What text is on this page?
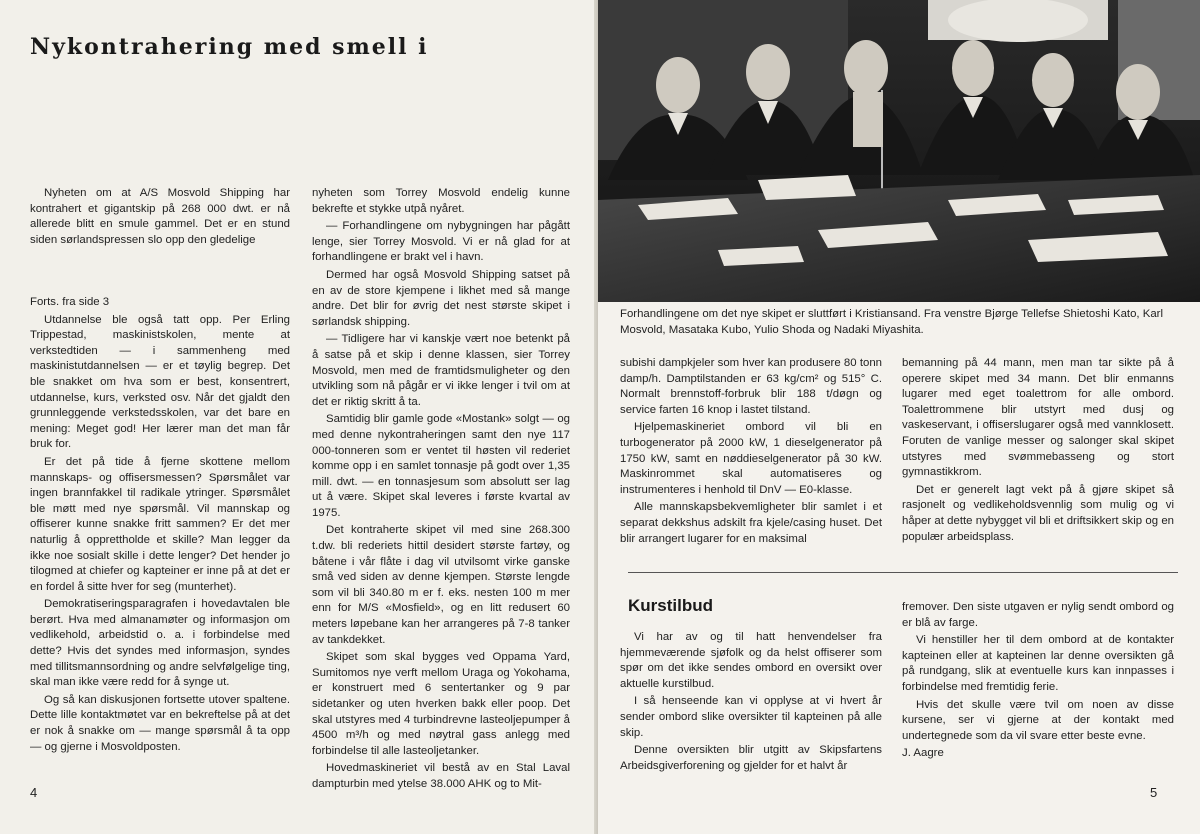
Nykontrahering med smell i

Nyheten om at A/S Mosvold Shipping har kontrahert et gigantskip på 268 000 dwt. er nå allerede blitt en smule gammel. Det er en stund siden sørlandspressen slo opp den gledelige

Forts. fra side 3

Utdannelse ble også tatt opp. Per Erling Trippestad, maskinistskolen, mente at verkstedtiden — i sammenheng med maskinistutdannelsen — er et tøylig begrep. Det ble snakket om hva som er best, konsentrert, utdannelse, kurs, verksted osv. Når det gjaldt den grunnleggende verkstedsskolen, var det bare en mening: Meget god! Her lærer man det man får bruk for.

Er det på tide å fjerne skottene mellom mannskaps- og offisersmessen? Spørsmålet var ingen brannfakkel til radikale ytringer. Spørsmålet ble møtt med nye spørsmål. Vil mannskap og offiserer kunne snakke fritt sammen? Er det mer naturlig å opprettholde et skille? Man legger da ikke noe sosialt skille i dette lenger? Det hender jo tilogmed at chiefer og kapteiner er inne på at det er en fordel å sitte hver for seg (munterhet).

Demokratiseringsparagrafen i hovedavtalen ble berørt. Hva med almanamøter og informasjon om vedlikehold, arbeidstid o. a. i forbindelse med dette? Hvis det syndes med informasjon, syndes med tillitsmannsordning og andre selvfølgelige ting, skal man ikke være redd for å synge ut.

Og så kan diskusjonen fortsette utover spaltene. Dette lille kontaktmøtet var en bekreftelse på at det er nok å snakke om — mange spørsmål å ta opp — og gjerne i Mosvoldposten.

nyheten som Torrey Mosvold endelig kunne bekrefte et stykke utpå nyåret.

— Forhandlingene om nybygningen har pågått lenge, sier Torrey Mosvold. Vi er nå glad for at forhandlingene er brakt vel i havn.

Dermed har også Mosvold Shipping satset på en av de store kjempene i likhet med så mange andre. Det blir for øvrig det nest største skipet i sørlandsk shipping.

— Tidligere har vi kanskje vært noe betenkt på å satse på et skip i denne klassen, sier Torrey Mosvold, men med de framtidsmuligheter og den utvikling som nå pågår er vi ikke lenger i tvil om at det er riktig skritt å ta.

Samtidig blir gamle gode «Mostank» solgt — og med denne nykontraheringen samt den nye 117 000-tonneren som er ventet til høsten vil rederiet komme opp i en samlet tonnasje på godt over 1,35 mill. dwt. — en tonnasjesum som absolutt ser lag ut å være. Skipet skal leveres i første kvartal av 1975.

Det kontraherte skipet vil med sine 268.300 t.dw. bli rederiets hittil desidert største fartøy, og båtene i vår flåte i dag vil utvilsomt virke ganske små ved siden av denne kjempen. Største lengde som vil bli 340.80 m er f. eks. nesten 100 m mer enn for M/S «Mosfield», og en litt redusert 60 meters løpebane kan her arrangeres på 7-8 tanker av tankdekket.

Skipet som skal bygges ved Oppama Yard, Sumitomos nye verft mellom Uraga og Yokohama, er konstruert med 6 sentertanker og 9 par sidetanker og uten hverken bakk eller poop. Det skal utstyres med 4 turbindrevne lasteoljepumper å 4500 m³/h og med nøytral gass anlegg med forbindelse til alle lasteoljetanker.

Hovedmaskineriet vil bestå av en Stal Laval dampturbin med ytelse 38.000 AHK og to Mit-

4
Forhandlingene om det nye skipet er sluttført i Kristiansand. Fra venstre Bjørge Tellefse Shietoshi Kato, Karl Mosvold, Masataka Kubo, Yulio Shoda og Nadaki Miyashita.

subishi dampkjeler som hver kan produsere 80 tonn damp/h. Damptilstanden er 63 kg/cm² og 515° C. Normalt brennstoff-forbruk blir 188 t/døgn og service farten 16 knop i lastet tilstand.

Hjelpemaskineriet ombord vil bli en turbogenerator på 2000 kW, 1 dieselgenerator på 1750 kW, samt en nøddieselgenerator på 30 kW. Maskinrommet skal automatiseres og instrumenteres i henhold til DnV — E0-klasse.

Alle mannskapsbekvemligheter blir samlet i et separat dekkshus adskilt fra kjele/casing huset. Det blir arrangert lugarer for en maksimal

bemanning på 44 mann, men man tar sikte på å operere skipet med 34 mann. Det blir enmanns lugarer med eget toalettrom for alle ombord. Toalettrommene blir utstyrt med dusj og vaskeservant, i offiserslugarer også med vannklosett. Foruten de vanlige messer og salonger skal skipet utstyres med svømmebasseng og stort gymnastikkrom.

Det er generelt lagt vekt på å gjøre skipet så rasjonelt og vedlikeholdsvennlig som mulig og vi håper at dette nybygget vil bli et driftsikkert skip og en populær arbeidsplass.

Kurstilbud

Vi har av og til hatt henvendelser fra hjemmeværende sjøfolk og da helst offiserer som spør om det ikke sendes ombord en oversikt over aktuelle kurstilbud.

I så henseende kan vi opplyse at vi hvert år sender ombord slike oversikter til kapteinen på alle skip.

Denne oversikten blir utgitt av Skipsfartens Arbeidsgiverforening og gjelder for et halvt år

fremover. Den siste utgaven er nylig sendt ombord og er blå av farge.

Vi henstiller her til dem ombord at de kontakter kapteinen eller at kapteinen lar denne oversikten gå på rundgang, slik at eventuelle kurs kan innpasses i forbindelse med fremtidig ferie.

Hvis det skulle være tvil om noen av disse kursene, ser vi gjerne at der kontakt med undertegnede som da vil svare etter beste evne.

J. Aagre

5
